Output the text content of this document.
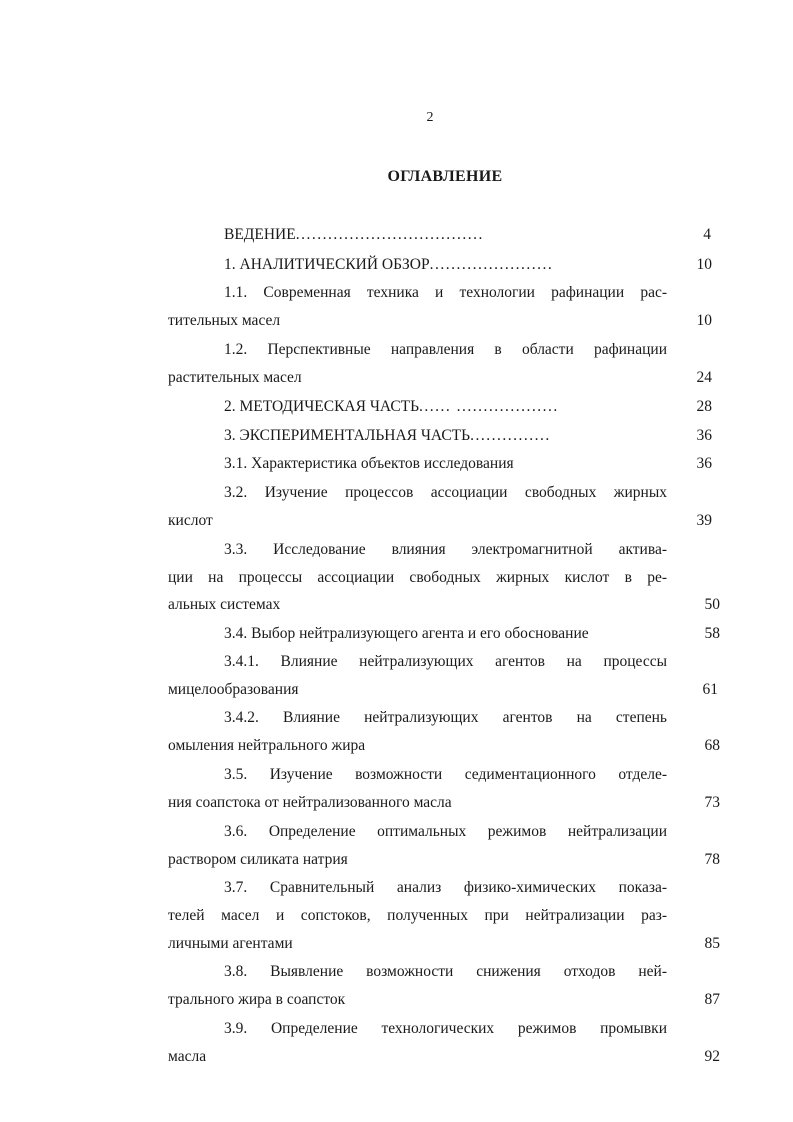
2
ОГЛАВЛЕНИЕ
ВЕДЕНИЕ...................................	4
1. АНАЛИТИЧЕСКИЙ ОБЗОР.......................	10
1.1. Современная техника и технологии рафинации рас-
тительных масел	10
1.2. Перспективные направления в области рафинации
растительных масел	24
2. МЕТОДИЧЕСКАЯ ЧАСТЬ...... ...................	28
3. ЭКСПЕРИМЕНТАЛЬНАЯ ЧАСТЬ...............	36
3.1. Характеристика объектов исследования	36
3.2. Изучение процессов ассоциации свободных жирных
кислот	39
3.3. Исследование влияния электромагнитной актива-
ции на процессы ассоциации свободных жирных кислот в ре-
альных системах	50
3.4. Выбор нейтрализующего агента и его обоснование	58
3.4.1. Влияние нейтрализующих агентов на процессы
мицелообразования	61
3.4.2. Влияние нейтрализующих агентов на степень
омыления нейтрального жира	68
3.5. Изучение возможности седиментационного отделе-
ния соапстока от нейтрализованного масла	73
3.6. Определение оптимальных режимов нейтрализации
раствором силиката натрия	78
3.7. Сравнительный анализ физико-химических показа-
телей масел и сопстоков, полученных при нейтрализации раз-
личными агентами	85
3.8. Выявление возможности снижения отходов ней-
трального жира в соапсток	87
3.9. Определение технологических режимов промывки
масла	92
